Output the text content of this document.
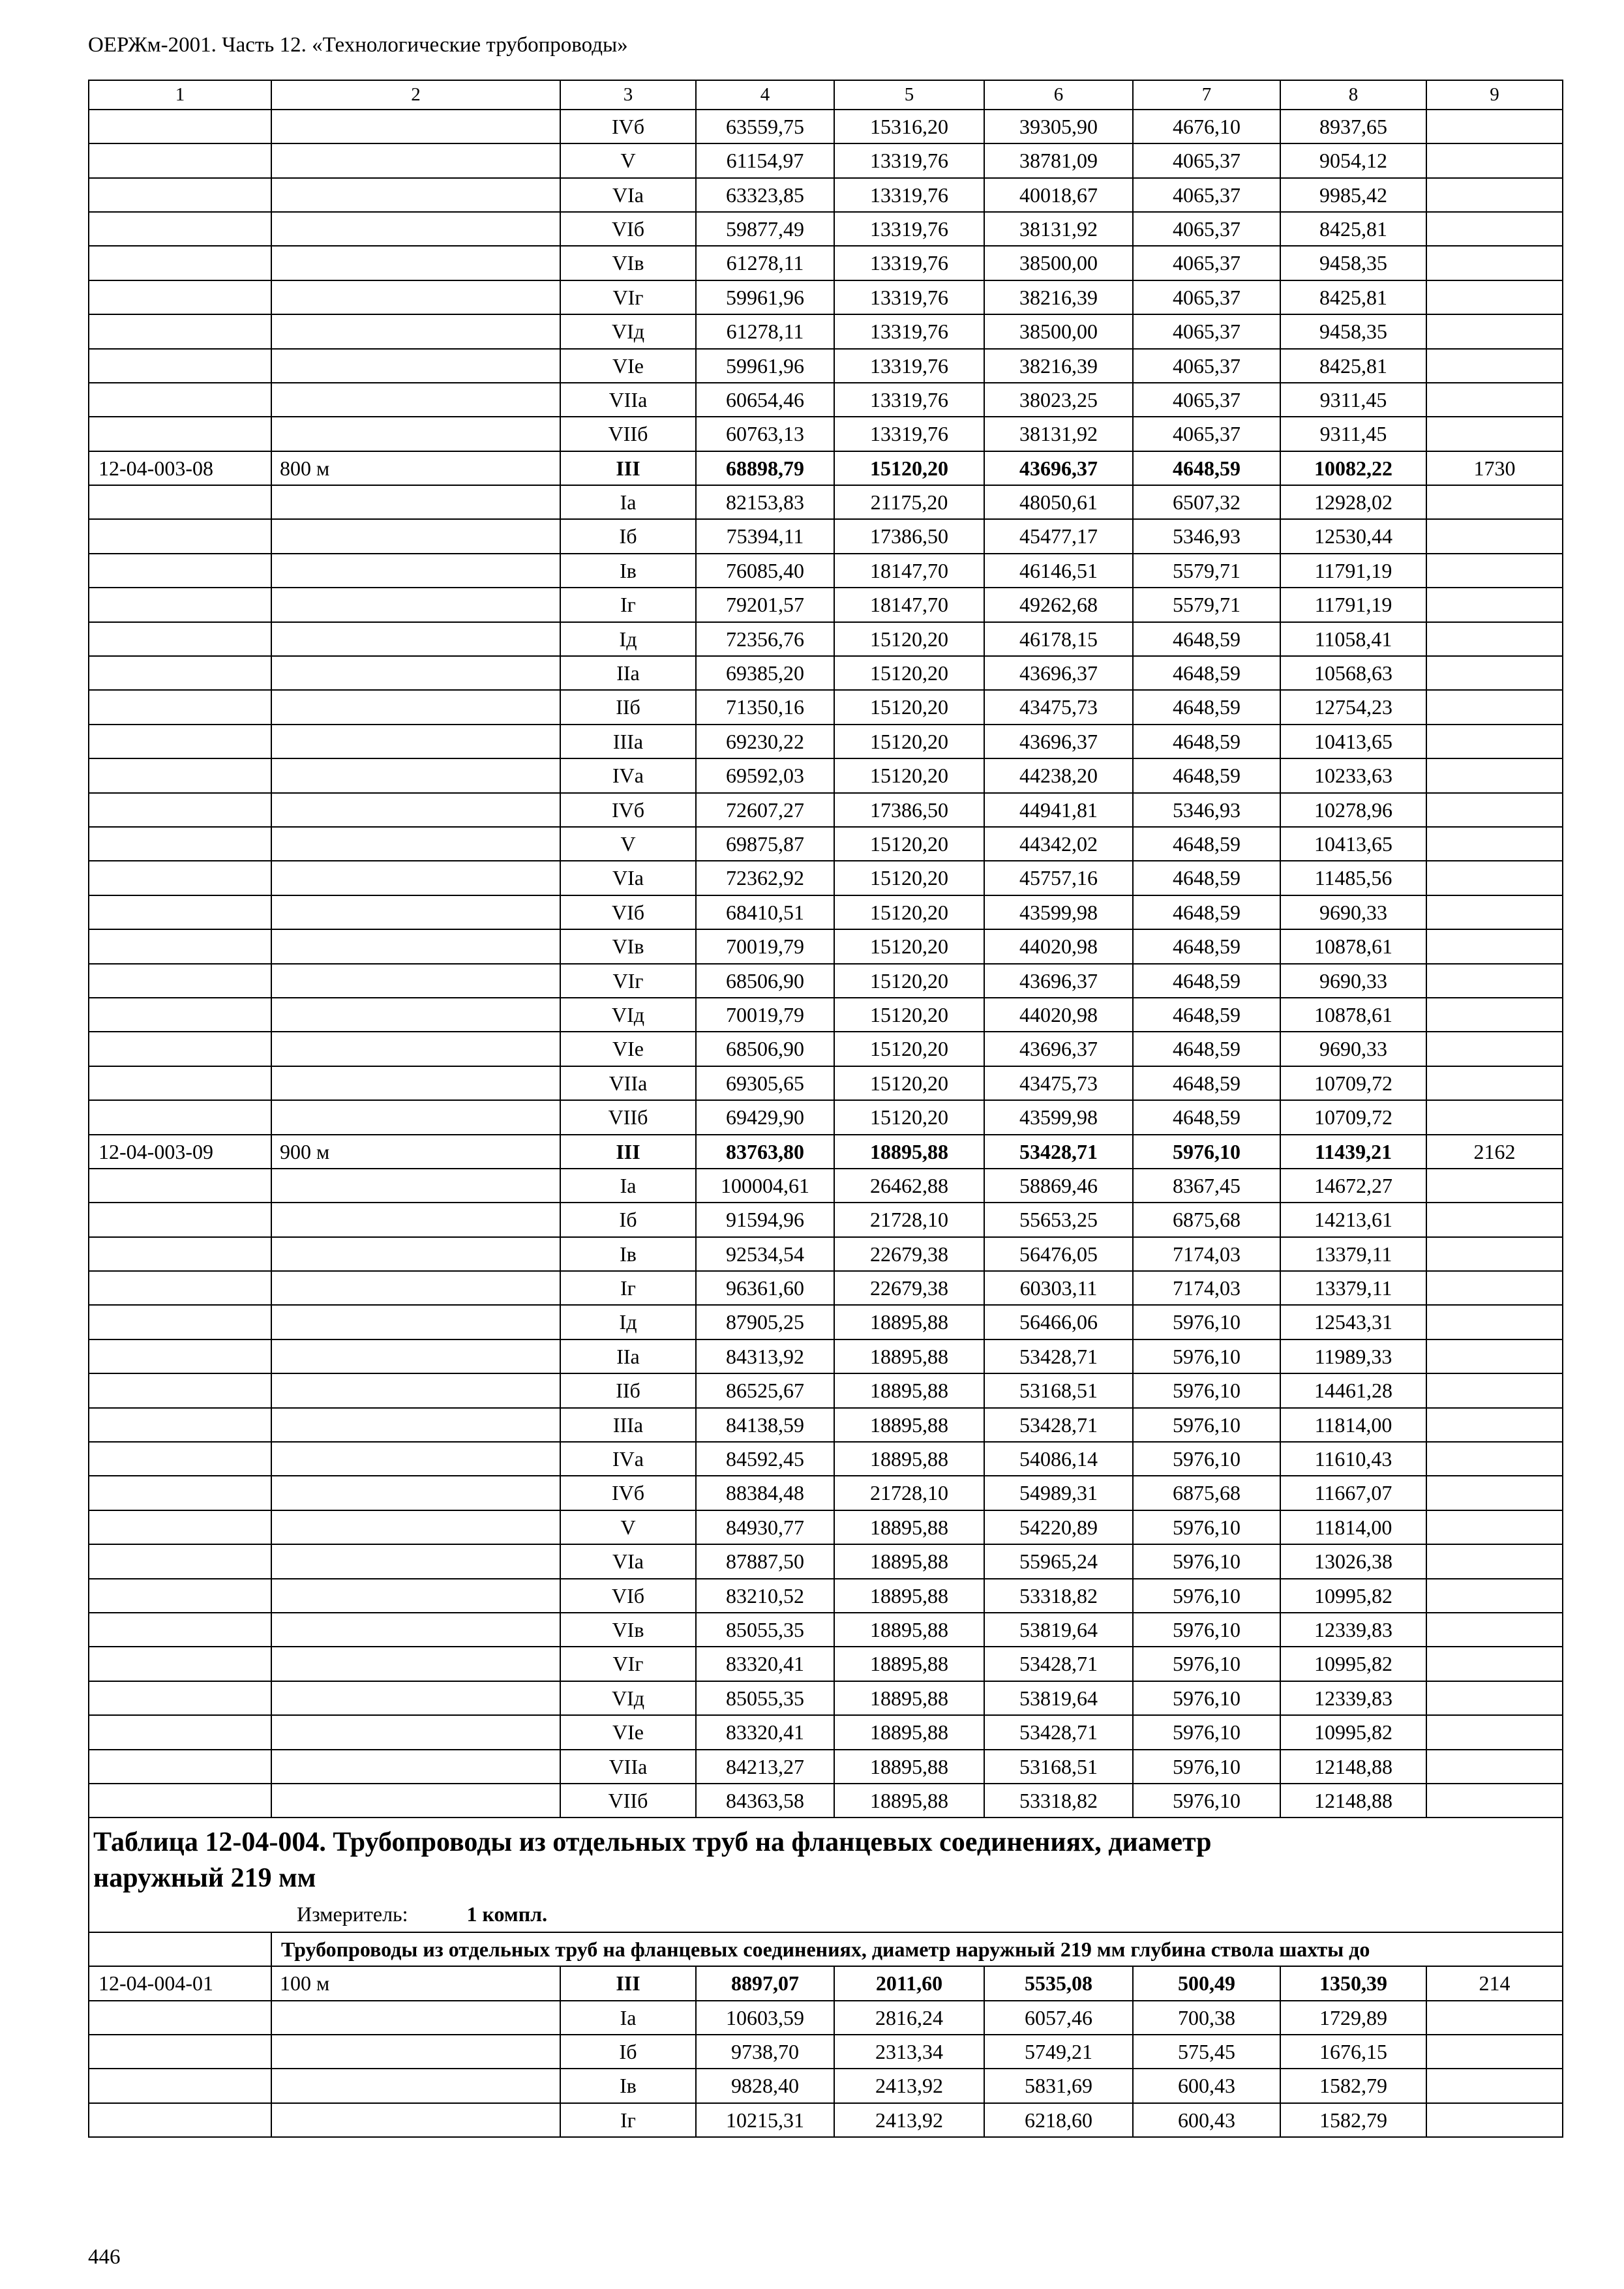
ОЕРЖм-2001. Часть 12. «Технологические трубопроводы»
1	2	3	4	5	6	7	8	9
		IVб	63559,75	15316,20	39305,90	4676,10	8937,65	
		V	61154,97	13319,76	38781,09	4065,37	9054,12	
		VIа	63323,85	13319,76	40018,67	4065,37	9985,42	
		VIб	59877,49	13319,76	38131,92	4065,37	8425,81	
		VIв	61278,11	13319,76	38500,00	4065,37	9458,35	
		VIг	59961,96	13319,76	38216,39	4065,37	8425,81	
		VIд	61278,11	13319,76	38500,00	4065,37	9458,35	
		VIе	59961,96	13319,76	38216,39	4065,37	8425,81	
		VIIа	60654,46	13319,76	38023,25	4065,37	9311,45	
		VIIб	60763,13	13319,76	38131,92	4065,37	9311,45	
12-04-003-08	800 м	III	68898,79	15120,20	43696,37	4648,59	10082,22	1730
		Iа	82153,83	21175,20	48050,61	6507,32	12928,02	
		Iб	75394,11	17386,50	45477,17	5346,93	12530,44	
		Iв	76085,40	18147,70	46146,51	5579,71	11791,19	
		Iг	79201,57	18147,70	49262,68	5579,71	11791,19	
		Iд	72356,76	15120,20	46178,15	4648,59	11058,41	
		IIа	69385,20	15120,20	43696,37	4648,59	10568,63	
		IIб	71350,16	15120,20	43475,73	4648,59	12754,23	
		IIIа	69230,22	15120,20	43696,37	4648,59	10413,65	
		IVа	69592,03	15120,20	44238,20	4648,59	10233,63	
		IVб	72607,27	17386,50	44941,81	5346,93	10278,96	
		V	69875,87	15120,20	44342,02	4648,59	10413,65	
		VIа	72362,92	15120,20	45757,16	4648,59	11485,56	
		VIб	68410,51	15120,20	43599,98	4648,59	9690,33	
		VIв	70019,79	15120,20	44020,98	4648,59	10878,61	
		VIг	68506,90	15120,20	43696,37	4648,59	9690,33	
		VIд	70019,79	15120,20	44020,98	4648,59	10878,61	
		VIе	68506,90	15120,20	43696,37	4648,59	9690,33	
		VIIа	69305,65	15120,20	43475,73	4648,59	10709,72	
		VIIб	69429,90	15120,20	43599,98	4648,59	10709,72	
12-04-003-09	900 м	III	83763,80	18895,88	53428,71	5976,10	11439,21	2162
		Iа	100004,61	26462,88	58869,46	8367,45	14672,27	
		Iб	91594,96	21728,10	55653,25	6875,68	14213,61	
		Iв	92534,54	22679,38	56476,05	7174,03	13379,11	
		Iг	96361,60	22679,38	60303,11	7174,03	13379,11	
		Iд	87905,25	18895,88	56466,06	5976,10	12543,31	
		IIа	84313,92	18895,88	53428,71	5976,10	11989,33	
		IIб	86525,67	18895,88	53168,51	5976,10	14461,28	
		IIIа	84138,59	18895,88	53428,71	5976,10	11814,00	
		IVа	84592,45	18895,88	54086,14	5976,10	11610,43	
		IVб	88384,48	21728,10	54989,31	6875,68	11667,07	
		V	84930,77	18895,88	54220,89	5976,10	11814,00	
		VIа	87887,50	18895,88	55965,24	5976,10	13026,38	
		VIб	83210,52	18895,88	53318,82	5976,10	10995,82	
		VIв	85055,35	18895,88	53819,64	5976,10	12339,83	
		VIг	83320,41	18895,88	53428,71	5976,10	10995,82	
		VIд	85055,35	18895,88	53819,64	5976,10	12339,83	
		VIе	83320,41	18895,88	53428,71	5976,10	10995,82	
		VIIа	84213,27	18895,88	53168,51	5976,10	12148,88	
		VIIб	84363,58	18895,88	53318,82	5976,10	12148,88	

Таблица 12-04-004. Трубопроводы из отдельных труб на фланцевых соединениях, диаметр наружный 219 мм								

Измеритель: 1 компл.								

	Трубопроводы из отдельных труб на фланцевых соединениях, диаметр наружный 219 мм глубина ствола шахты до							

12-04-004-01	100 м	III	8897,07	2011,60	5535,08	500,49	1350,39	214
		Iа	10603,59	2816,24	6057,46	700,38	1729,89	
		Iб	9738,70	2313,34	5749,21	575,45	1676,15	
		Iв	9828,40	2413,92	5831,69	600,43	1582,79	
		Iг	10215,31	2413,92	6218,60	600,43	1582,79	
446
